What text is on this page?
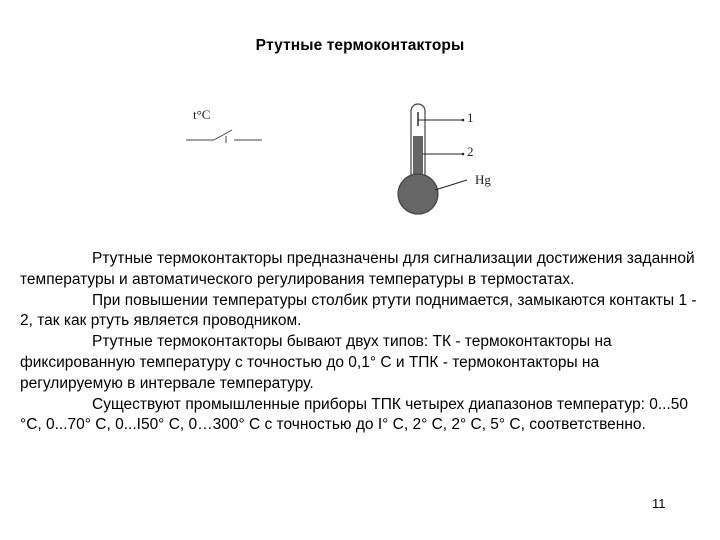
Ртутные термоконтакторы
t°C	1
2
Hg

Ртутные термоконтакторы предназначены для сигнализации достижения заданной температуры и автоматического регулирования температуры в термостатах.

При повышении температуры столбик ртути поднимается, замыкаются контакты 1 - 2, так как ртуть является проводником.

Ртутные термоконтакторы бывают двух типов: ТК - термоконтакторы на фиксированную температуру с точностью до 0,1° С и ТПК - термоконтакторы на регулируемую в интервале температуру.

Существуют промышленные приборы ТПК четырех диапазонов температур: 0...50 °С, 0...70° С, 0...I50° С, 0…300° С с точностью до I° С, 2° С, 2° С, 5° С, соответственно.

11
